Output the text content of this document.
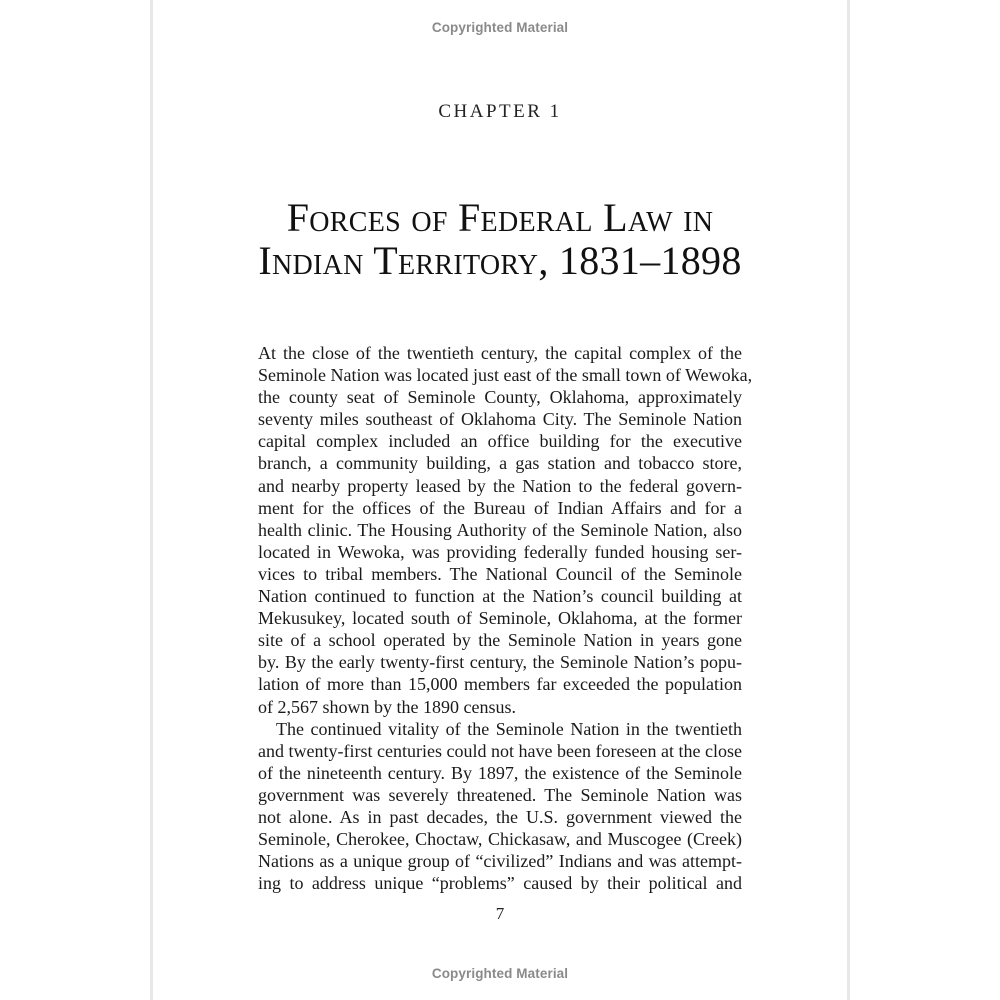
Copyrighted Material
CHAPTER 1
Forces of Federal Law in
Indian Territory, 1831–1898

At the close of the twentieth century, the capital complex of the
Seminole Nation was located just east of the small town of Wewoka,
the county seat of Seminole County, Oklahoma, approximately
seventy miles southeast of Oklahoma City. The Seminole Nation
capital complex included an office building for the executive
branch, a community building, a gas station and tobacco store,
and nearby property leased by the Nation to the federal govern-
ment for the offices of the Bureau of Indian Affairs and for a
health clinic. The Housing Authority of the Seminole Nation, also
located in Wewoka, was providing federally funded housing ser-
vices to tribal members. The National Council of the Seminole
Nation continued to function at the Nation’s council building at
Mekusukey, located south of Seminole, Oklahoma, at the former
site of a school operated by the Seminole Nation in years gone
by. By the early twenty-first century, the Seminole Nation’s popu-
lation of more than 15,000 members far exceeded the population
of 2,567 shown by the 1890 census.

The continued vitality of the Seminole Nation in the twentieth
and twenty-first centuries could not have been foreseen at the close
of the nineteenth century. By 1897, the existence of the Seminole
government was severely threatened. The Seminole Nation was
not alone. As in past decades, the U.S. government viewed the
Seminole, Cherokee, Choctaw, Chickasaw, and Muscogee (Creek)
Nations as a unique group of “civilized” Indians and was attempt-
ing to address unique “problems” caused by their political and

7
Copyrighted Material
